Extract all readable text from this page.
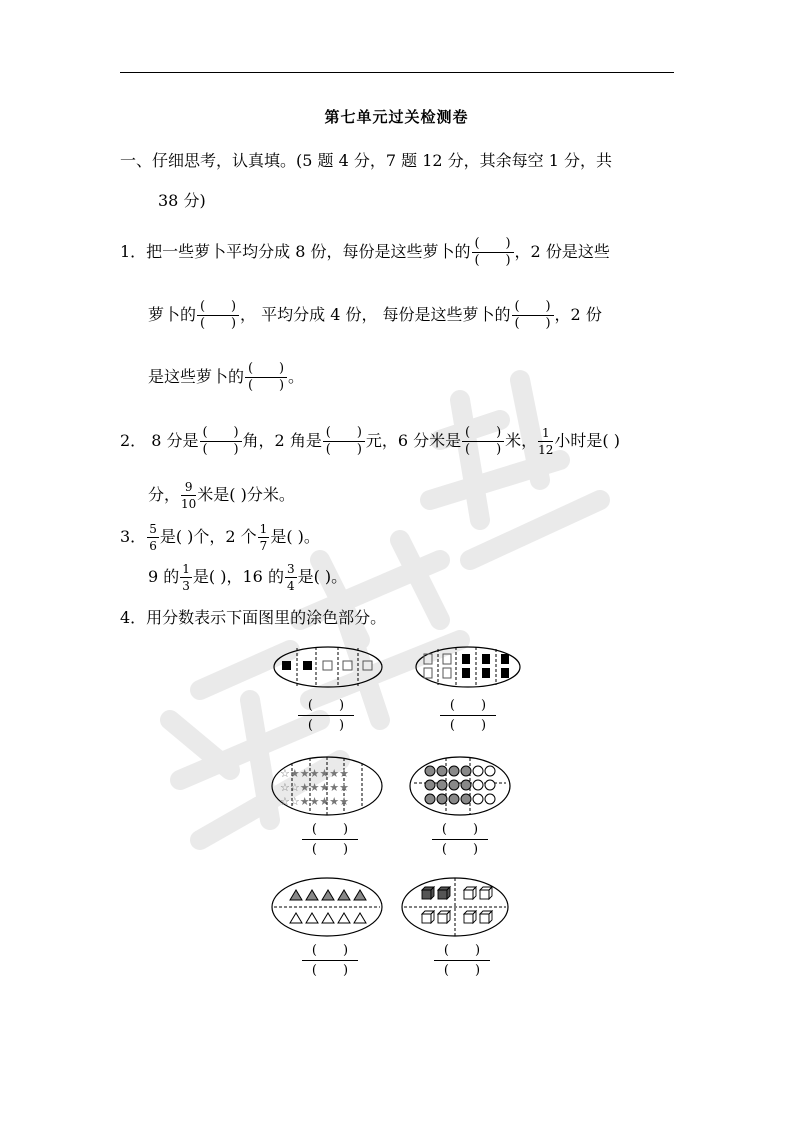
第七单元过关检测卷
一、仔细思考，认真填。(5 题 4 分，7 题 12 分，其余每空 1 分，共
38 分)
1．把一些萝卜平均分成 8 份，每份是这些萝卜的 $\frac{( )}{( )}$ ，2 份是这些
萝卜的 $\frac{( )}{( )}$ ， 平均分成 4 份， 每份是这些萝卜的 $\frac{( )}{( )}$ ，2 份
是这些萝卜的 $\frac{( )}{( )}$ 。
2． 8 分是 $\frac{( )}{( )}$ 角，2 角是 $\frac{( )}{( )}$ 元，6 分米是 $\frac{( )}{( )}$ 米， $\frac{1}{12}$ 小时是( )
分， $\frac{9}{10}$ 米是( )分米。
3． $\frac{5}{6}$ 是( )个，2 个 $\frac{1}{7}$ 是( )。
9 的 $\frac{1}{3}$ 是( )，16 的 $\frac{3}{4}$ 是( )。
4．用分数表示下面图里的涂色部分。
(　　)
(　　)
(　　)
(　　)
☆★★★★★★
☆☆★★★★★
☆☆★★★★★
(　　)
(　　)
(　　)
(　　)
(　　)
(　　)
(　　)
(　　)
